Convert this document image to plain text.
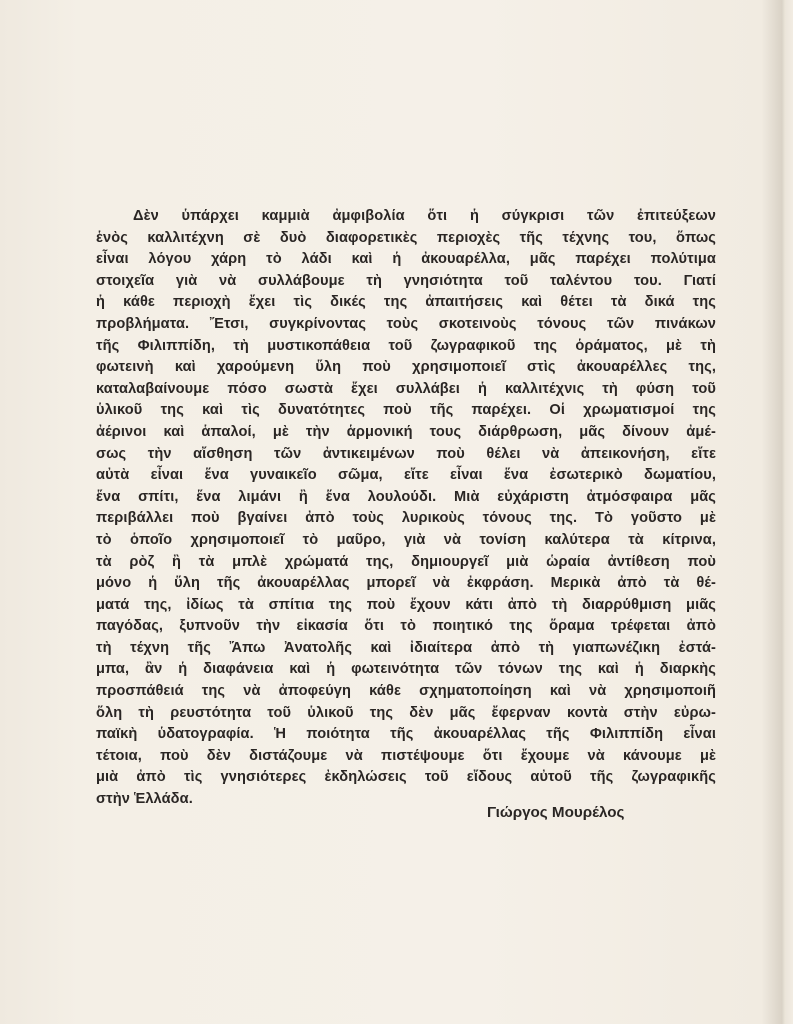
Δὲν ὑπάρχει καμμιὰ ἀμφιβολία ὅτι ἡ σύγκρισι τῶν ἐπιτεύξεων
ἑνὸς καλλιτέχνη σὲ δυὸ διαφορετικὲς περιοχὲς τῆς τέχνης του, ὅπως
εἶναι λόγου χάρη τὸ λάδι καὶ ἡ ἀκουαρέλλα, μᾶς παρέχει πολύτιμα
στοιχεῖα γιὰ νὰ συλλάβουμε τὴ γνησιότητα τοῦ ταλέντου του. Γιατί
ἡ κάθε περιοχὴ ἔχει τὶς δικές της ἀπαιτήσεις καὶ θέτει τὰ δικά της
προβλήματα. Ἔτσι, συγκρίνοντας τοὺς σκοτεινοὺς τόνους τῶν πινάκων
τῆς Φιλιππίδη, τὴ μυστικοπάθεια τοῦ ζωγραφικοῦ της ὁράματος, μὲ τὴ
φωτεινὴ καὶ χαρούμενη ὕλη ποὺ χρησιμοποιεῖ στὶς ἀκουαρέλλες της,
καταλαβαίνουμε πόσο σωστὰ ἔχει συλλάβει ἡ καλλιτέχνις τὴ φύση τοῦ
ὑλικοῦ της καὶ τὶς δυνατότητες ποὺ τῆς παρέχει. Οἱ χρωματισμοί της
ἀέρινοι καὶ ἁπαλοί, μὲ τὴν ἁρμονική τους διάρθρωση, μᾶς δίνουν ἀμέ-
σως τὴν αἴσθηση τῶν ἀντικειμένων ποὺ θέλει νὰ ἀπεικονήση, εἴτε
αὐτὰ εἶναι ἕνα γυναικεῖο σῶμα, εἴτε εἶναι ἕνα ἐσωτερικὸ δωματίου,
ἕνα σπίτι, ἕνα λιμάνι ἢ ἕνα λουλούδι. Μιὰ εὐχάριστη ἀτμόσφαιρα μᾶς
περιβάλλει ποὺ βγαίνει ἀπὸ τοὺς λυρικοὺς τόνους της. Τὸ γοῦστο μὲ
τὸ ὁποῖο χρησιμοποιεῖ τὸ μαῦρο, γιὰ νὰ τονίση καλύτερα τὰ κίτρινα,
τὰ ρὸζ ἢ τὰ μπλὲ χρώματά της, δημιουργεῖ μιὰ ὡραία ἀντίθεση ποὺ
μόνο ἡ ὕλη τῆς ἀκουαρέλλας μπορεῖ νὰ ἐκφράση. Μερικὰ ἀπὸ τὰ θέ-
ματά της, ἰδίως τὰ σπίτια της ποὺ ἔχουν κάτι ἀπὸ τὴ διαρρύθμιση μιᾶς
παγόδας, ξυπνοῦν τὴν εἰκασία ὅτι τὸ ποιητικό της ὅραμα τρέφεται ἀπὸ
τὴ τέχνη τῆς Ἄπω Ἀνατολῆς καὶ ἰδιαίτερα ἀπὸ τὴ γιαπωνέζικη ἐστά-
μπα, ἂν ἡ διαφάνεια καὶ ἡ φωτεινότητα τῶν τόνων της καὶ ἡ διαρκὴς
προσπάθειά της νὰ ἀποφεύγη κάθε σχηματοποίηση καὶ νὰ χρησιμοποιῆ
ὅλη τὴ ρευστότητα τοῦ ὑλικοῦ της δὲν μᾶς ἔφερναν κοντὰ στὴν εὐρω-
παϊκὴ ὑδατογραφία. Ἡ ποιότητα τῆς ἀκουαρέλλας τῆς Φιλιππίδη εἶναι
τέτοια, ποὺ δὲν διστάζουμε νὰ πιστέψουμε ὅτι ἔχουμε νὰ κάνουμε μὲ
μιὰ ἀπὸ τὶς γνησιότερες ἐκδηλώσεις τοῦ εἴδους αὐτοῦ τῆς ζωγραφικῆς
στὴν Ἑλλάδα.
Γιώργος Μουρέλος
